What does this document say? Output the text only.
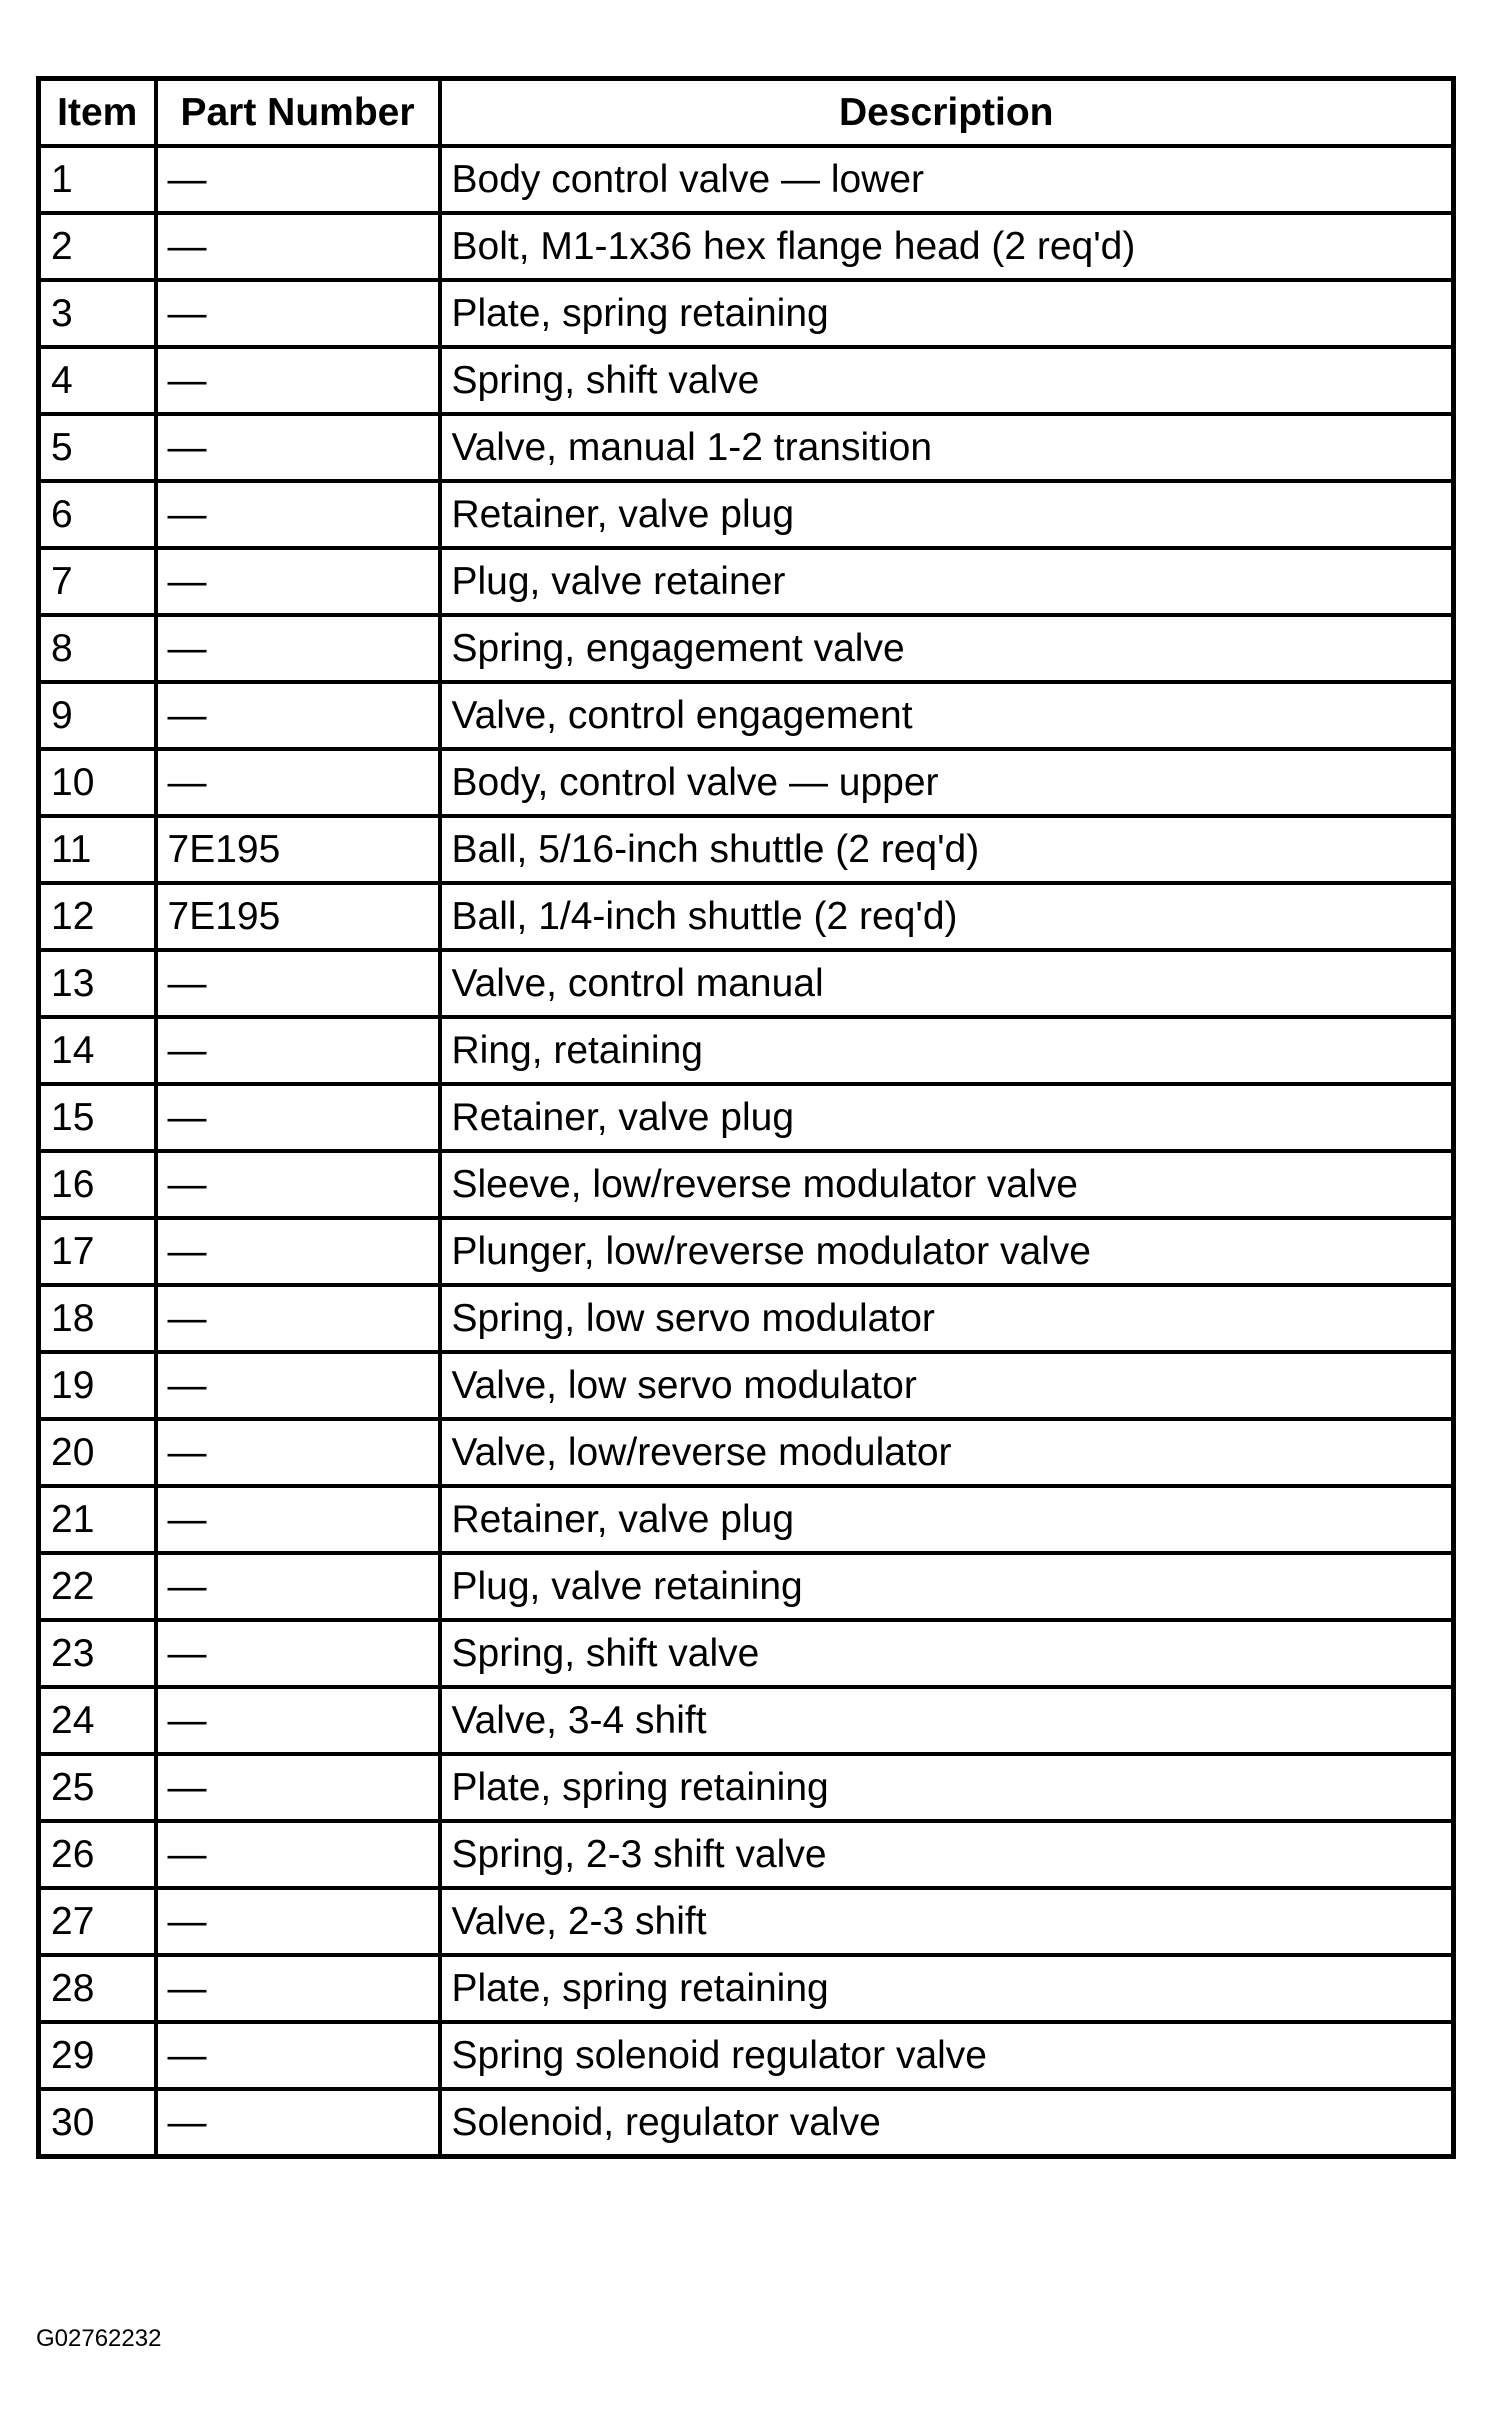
Item	Part Number	Description
1	—	Body control valve — lower
2	—	Bolt, M1-1x36 hex flange head (2 req'd)
3	—	Plate, spring retaining
4	—	Spring, shift valve
5	—	Valve, manual 1-2 transition
6	—	Retainer, valve plug
7	—	Plug, valve retainer
8	—	Spring, engagement valve
9	—	Valve, control engagement
10	—	Body, control valve — upper
11	7E195	Ball, 5/16-inch shuttle (2 req'd)
12	7E195	Ball, 1/4-inch shuttle (2 req'd)
13	—	Valve, control manual
14	—	Ring, retaining
15	—	Retainer, valve plug
16	—	Sleeve, low/reverse modulator valve
17	—	Plunger, low/reverse modulator valve
18	—	Spring, low servo modulator
19	—	Valve, low servo modulator
20	—	Valve, low/reverse modulator
21	—	Retainer, valve plug
22	—	Plug, valve retaining
23	—	Spring, shift valve
24	—	Valve, 3-4 shift
25	—	Plate, spring retaining
26	—	Spring, 2-3 shift valve
27	—	Valve, 2-3 shift
28	—	Plate, spring retaining
29	—	Spring solenoid regulator valve
30	—	Solenoid, regulator valve
G02762232
